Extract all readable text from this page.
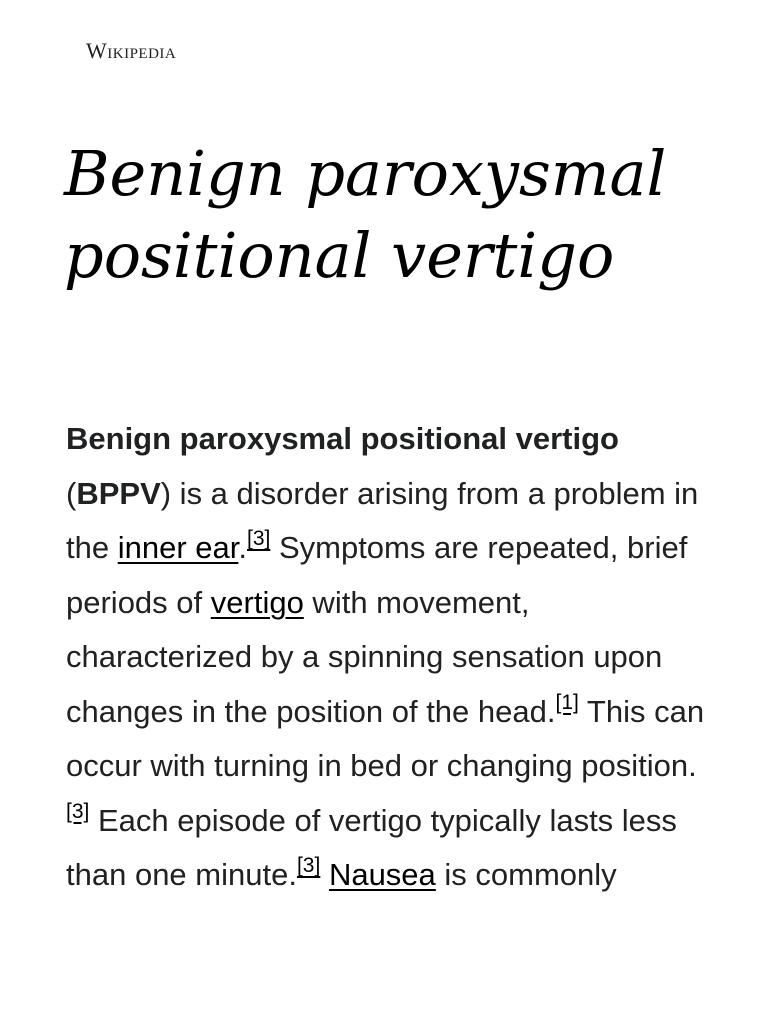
Wikipedia
Benign paroxysmal positional vertigo

Benign paroxysmal positional vertigo
(BPPV) is a disorder arising from a problem in the inner ear.[3] Symptoms are repeated, brief periods of vertigo with movement, characterized by a spinning sensation upon changes in the position of the head.[1] This can occur with turning in bed or changing position.[3] Each episode of vertigo typically lasts less than one minute.[3] Nausea is commonly
